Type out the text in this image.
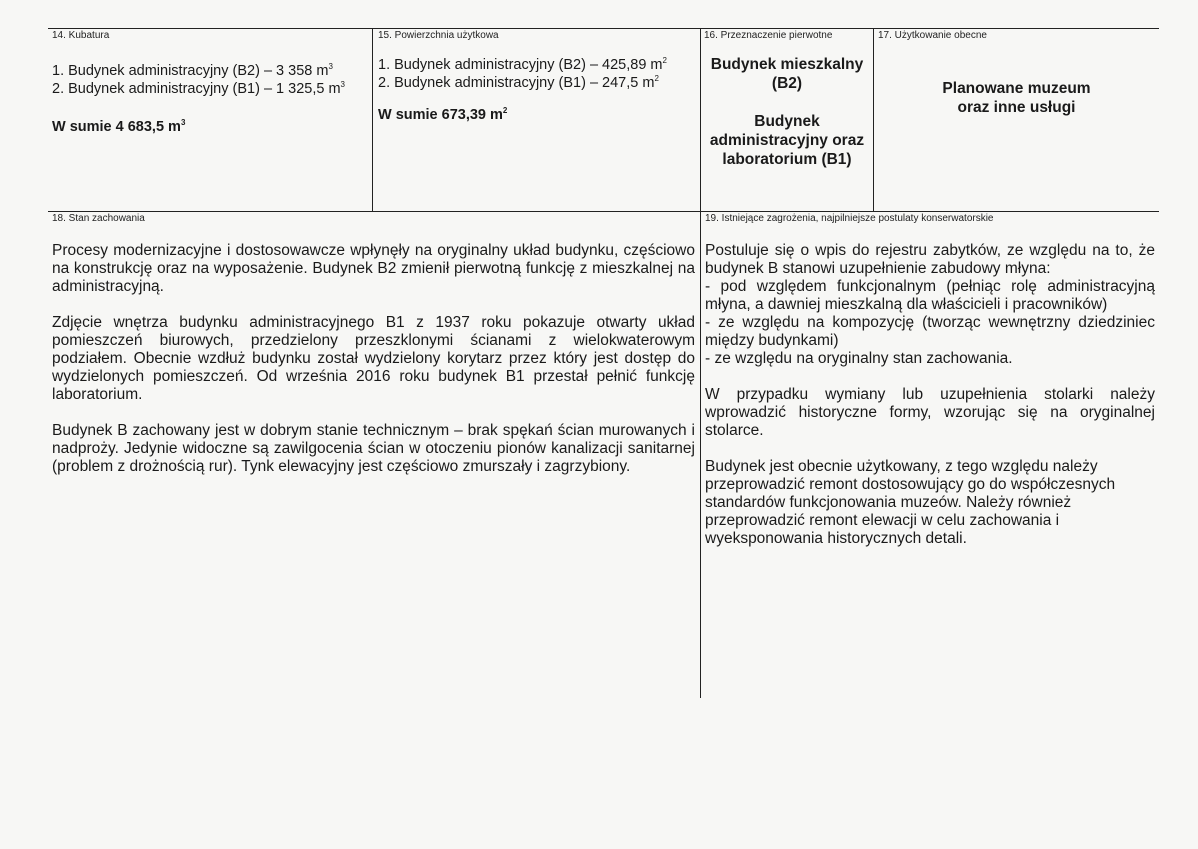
14. Kubatura
1. Budynek administracyjny (B2) – 3 358 $m^3$
2. Budynek administracyjny (B1) – 1 325,5 $m^3$
W sumie 4 683,5 $m^3$
15. Powierzchnia użytkowa
1. Budynek administracyjny (B2) – 425,89 $m^2$
2. Budynek administracyjny (B1) – 247,5 $m^2$
W sumie 673,39 $m^2$
16. Przeznaczenie pierwotne
Budynek mieszkalny
(B2)
Budynek
administracyjny oraz
laboratorium (B1)
17. Użytkowanie obecne
Planowane muzeum
oraz inne usługi
18. Stan zachowania

Procesy modernizacyjne i dostosowawcze wpłynęły na oryginalny układ budynku, częściowo na konstrukcję oraz na wyposażenie. Budynek B2 zmienił pierwotną funkcję z mieszkalnej na administracyjną.

Zdjęcie wnętrza budynku administracyjnego B1 z 1937 roku pokazuje otwarty układ pomieszczeń biurowych, przedzielony przeszklonymi ścianami z wielokwaterowym podziałem. Obecnie wzdłuż budynku został wydzielony korytarz przez który jest dostęp do wydzielonych pomieszczeń. Od września 2016 roku budynek B1 przestał pełnić funkcję laboratorium.

Budynek B zachowany jest w dobrym stanie technicznym – brak spękań ścian murowanych i nadproży. Jedynie widoczne są zawilgocenia ścian w otoczeniu pionów kanalizacji sanitarnej (problem z drożnością rur). Tynk elewacyjny jest częściowo zmurszały i zagrzybiony.

19. Istniejące zagrożenia, najpilniejsze postulaty konserwatorskie

Postuluje się o wpis do rejestru zabytków, ze względu na to, że budynek B stanowi uzupełnienie zabudowy młyna:

- pod względem funkcjonalnym (pełniąc rolę administracyjną młyna, a dawniej mieszkalną dla właścicieli i pracowników)

- ze względu na kompozycję (tworząc wewnętrzny dziedziniec między budynkami)

- ze względu na oryginalny stan zachowania.

W przypadku wymiany lub uzupełnienia stolarki należy wprowadzić historyczne formy, wzorując się na oryginalnej stolarce.

Budynek jest obecnie użytkowany, z tego względu należy
przeprowadzić remont dostosowujący go do współczesnych
standardów funkcjonowania muzeów. Należy również
przeprowadzić remont elewacji w celu zachowania i
wyeksponowania historycznych detali.
